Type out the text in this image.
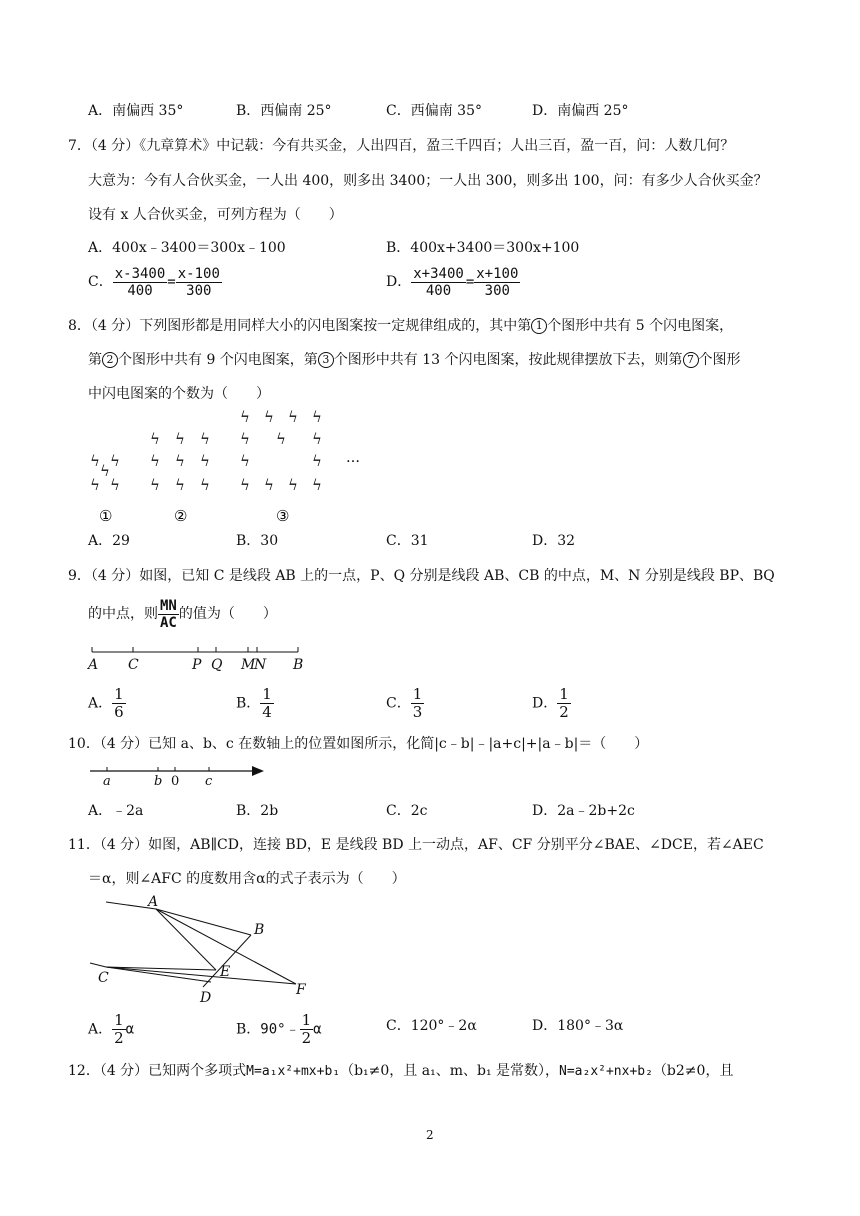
A．南偏西 35°	B．西偏南 25°	C．西偏南 35°	D．南偏西 25°
7．（4 分）《九章算术》中记载：今有共买金，人出四百，盈三千四百；人出三百，盈一百，问：人数几何？
大意为：今有人合伙买金，一人出 400，则多出 3400；一人出 300，则多出 100，问：有多少人合伙买金？
设有 x 人合伙买金，可列方程为（　　）
A．400x﹣3400＝300x﹣100	B．400x+3400＝300x+100
C． $\frac{x-3400}{400} = \frac{x-100}{300}$	D． $\frac{x+3400}{400} = \frac{x+100}{300}$
8．（4 分）下列图形都是用同样大小的闪电图案按一定规律组成的，其中第 1 个图形中共有 5 个闪电图案，
第 2 个图形中共有 9 个闪电图案，第 3 个图形中共有 13 个闪电图案，按此规律摆放下去，则第 7 个图形
中闪电图案的个数为（　　）
ϟ ϟ
ϟ
ϟ ϟ
ϟ ϟ ϟ
ϟ ϟ ϟ
ϟ ϟ ϟ
ϟ ϟ ϟ ϟ
ϟ	ϟ
ϟ
ϟ	ϟ
ϟ ϟ ϟ ϟ
…
①	②	③
A．29	B．30	C．31	D．32
9．（4 分）如图，已知 C 是线段 AB 上的一点，P、Q 分别是线段 AB、CB 的中点，M、N 分别是线段 BP、BQ
的中点，则 $\frac{MN}{AC}$ 的值为（　　）
A C	P Q M
N B
A． $\frac{1}{6}$	B． $\frac{1}{4}$	C． $\frac{1}{3}$	D． $\frac{1}{2}$
10．（4 分）已知 a、b、c 在数轴上的位置如图所示，化简|c﹣b|﹣|a+c|+|a﹣b|＝（　　）
a	b 0 c
A．﹣2a	B．2b	C．2c	D．2a﹣2b+2c
11．（4 分）如图，AB∥CD，连接 BD，E 是线段 BD 上一动点，AF、CF 分别平分∠BAE、∠DCE，若∠AEC
＝α，则∠AFC 的度数用含α的式子表示为（　　）
A
B
C
D
E
F
A． $\frac{1}{2}$ α	B．90°﹣ $\frac{1}{2}$ α	C．120°﹣2α	D．180°﹣3α
12．（4 分）已知两个多项式M=a₁x²+mx+b₁（b₁≠0，且 a₁、m、b₁ 是常数），N=a₂x²+nx+b₂（b2≠0，且
2
